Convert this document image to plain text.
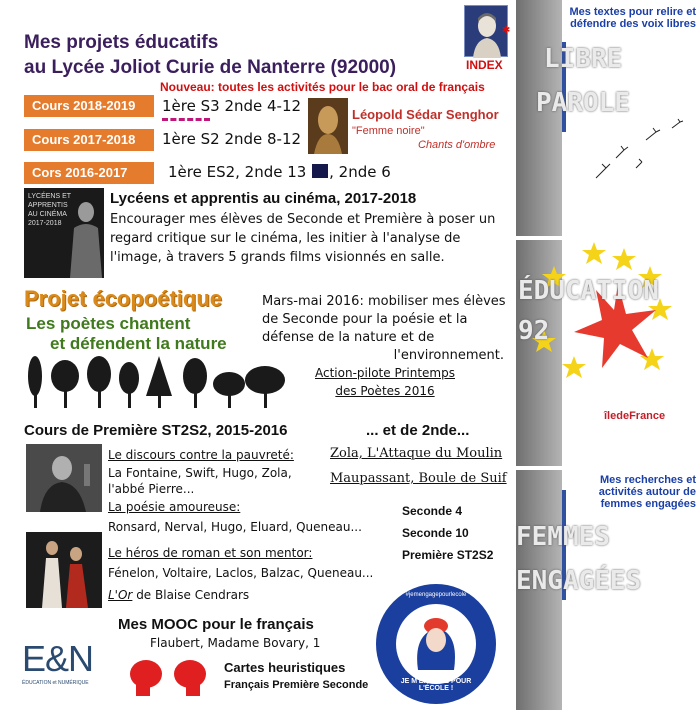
Mes projets éducatifs
au Lycée Joliot Curie de Nanterre (92000)
✱
INDEX
Nouveau: toutes les activités pour le bac oral de français
Cours 2018-2019	1ère S3 2nde 4-12
Cours 2017-2018	1ère S2 2nde 8-12
Cors 2016-2017	1ère ES2, 2nde 13 , 2nde 6
Léopold Sédar Senghor
"Femme noire"
Chants d'ombre
LYCÉENS ET APPRENTIS AU CINÉMA 2017-2018
Lycéens et apprentis au cinéma, 2017-2018
Encourager mes élèves de Seconde et Première à poser un regard critique sur le cinéma, les initier à l'analyse de l'image, à travers 5 grands films visionnés en salle.
Projet écopoétique
Les poètes chantent
et défendent la nature
Mars-mai 2016: mobiliser mes élèves
de Seconde pour la poésie et la
défense de la nature et de
l'environnement.
Action-pilote Printemps
des Poètes 2016
Cours de Première ST2S2, 2015-2016	... et de 2nde...
Le discours contre la pauvreté:
La Fontaine, Swift, Hugo, Zola, l'abbé Pierre...
La poésie amoureuse:
Ronsard, Nerval, Hugo, Eluard, Queneau...
Le héros de roman et son mentor:
Fénelon, Voltaire, Laclos, Balzac, Queneau...
L'Or de Blaise Cendrars
Zola, L'Attaque du Moulin
Maupassant, Boule de Suif
Seconde 4
Seconde 10
Première ST2S2
E&N
ÉDUCATION et NUMÉRIQUE
Mes MOOC pour le français
Flaubert, Madame Bovary, 1
Cartes heuristiques
Français Première Seconde
#jemengagepourlecole
JE M'ENGAGE POUR L'ÉCOLE !
Mes textes pour relire et défendre des voix libres
LIBRE
PAROLE
ÉDUCATION
92
îledeFrance
Mes recherches et activités autour de femmes engagées
FEMMES
ENGAGÉES
